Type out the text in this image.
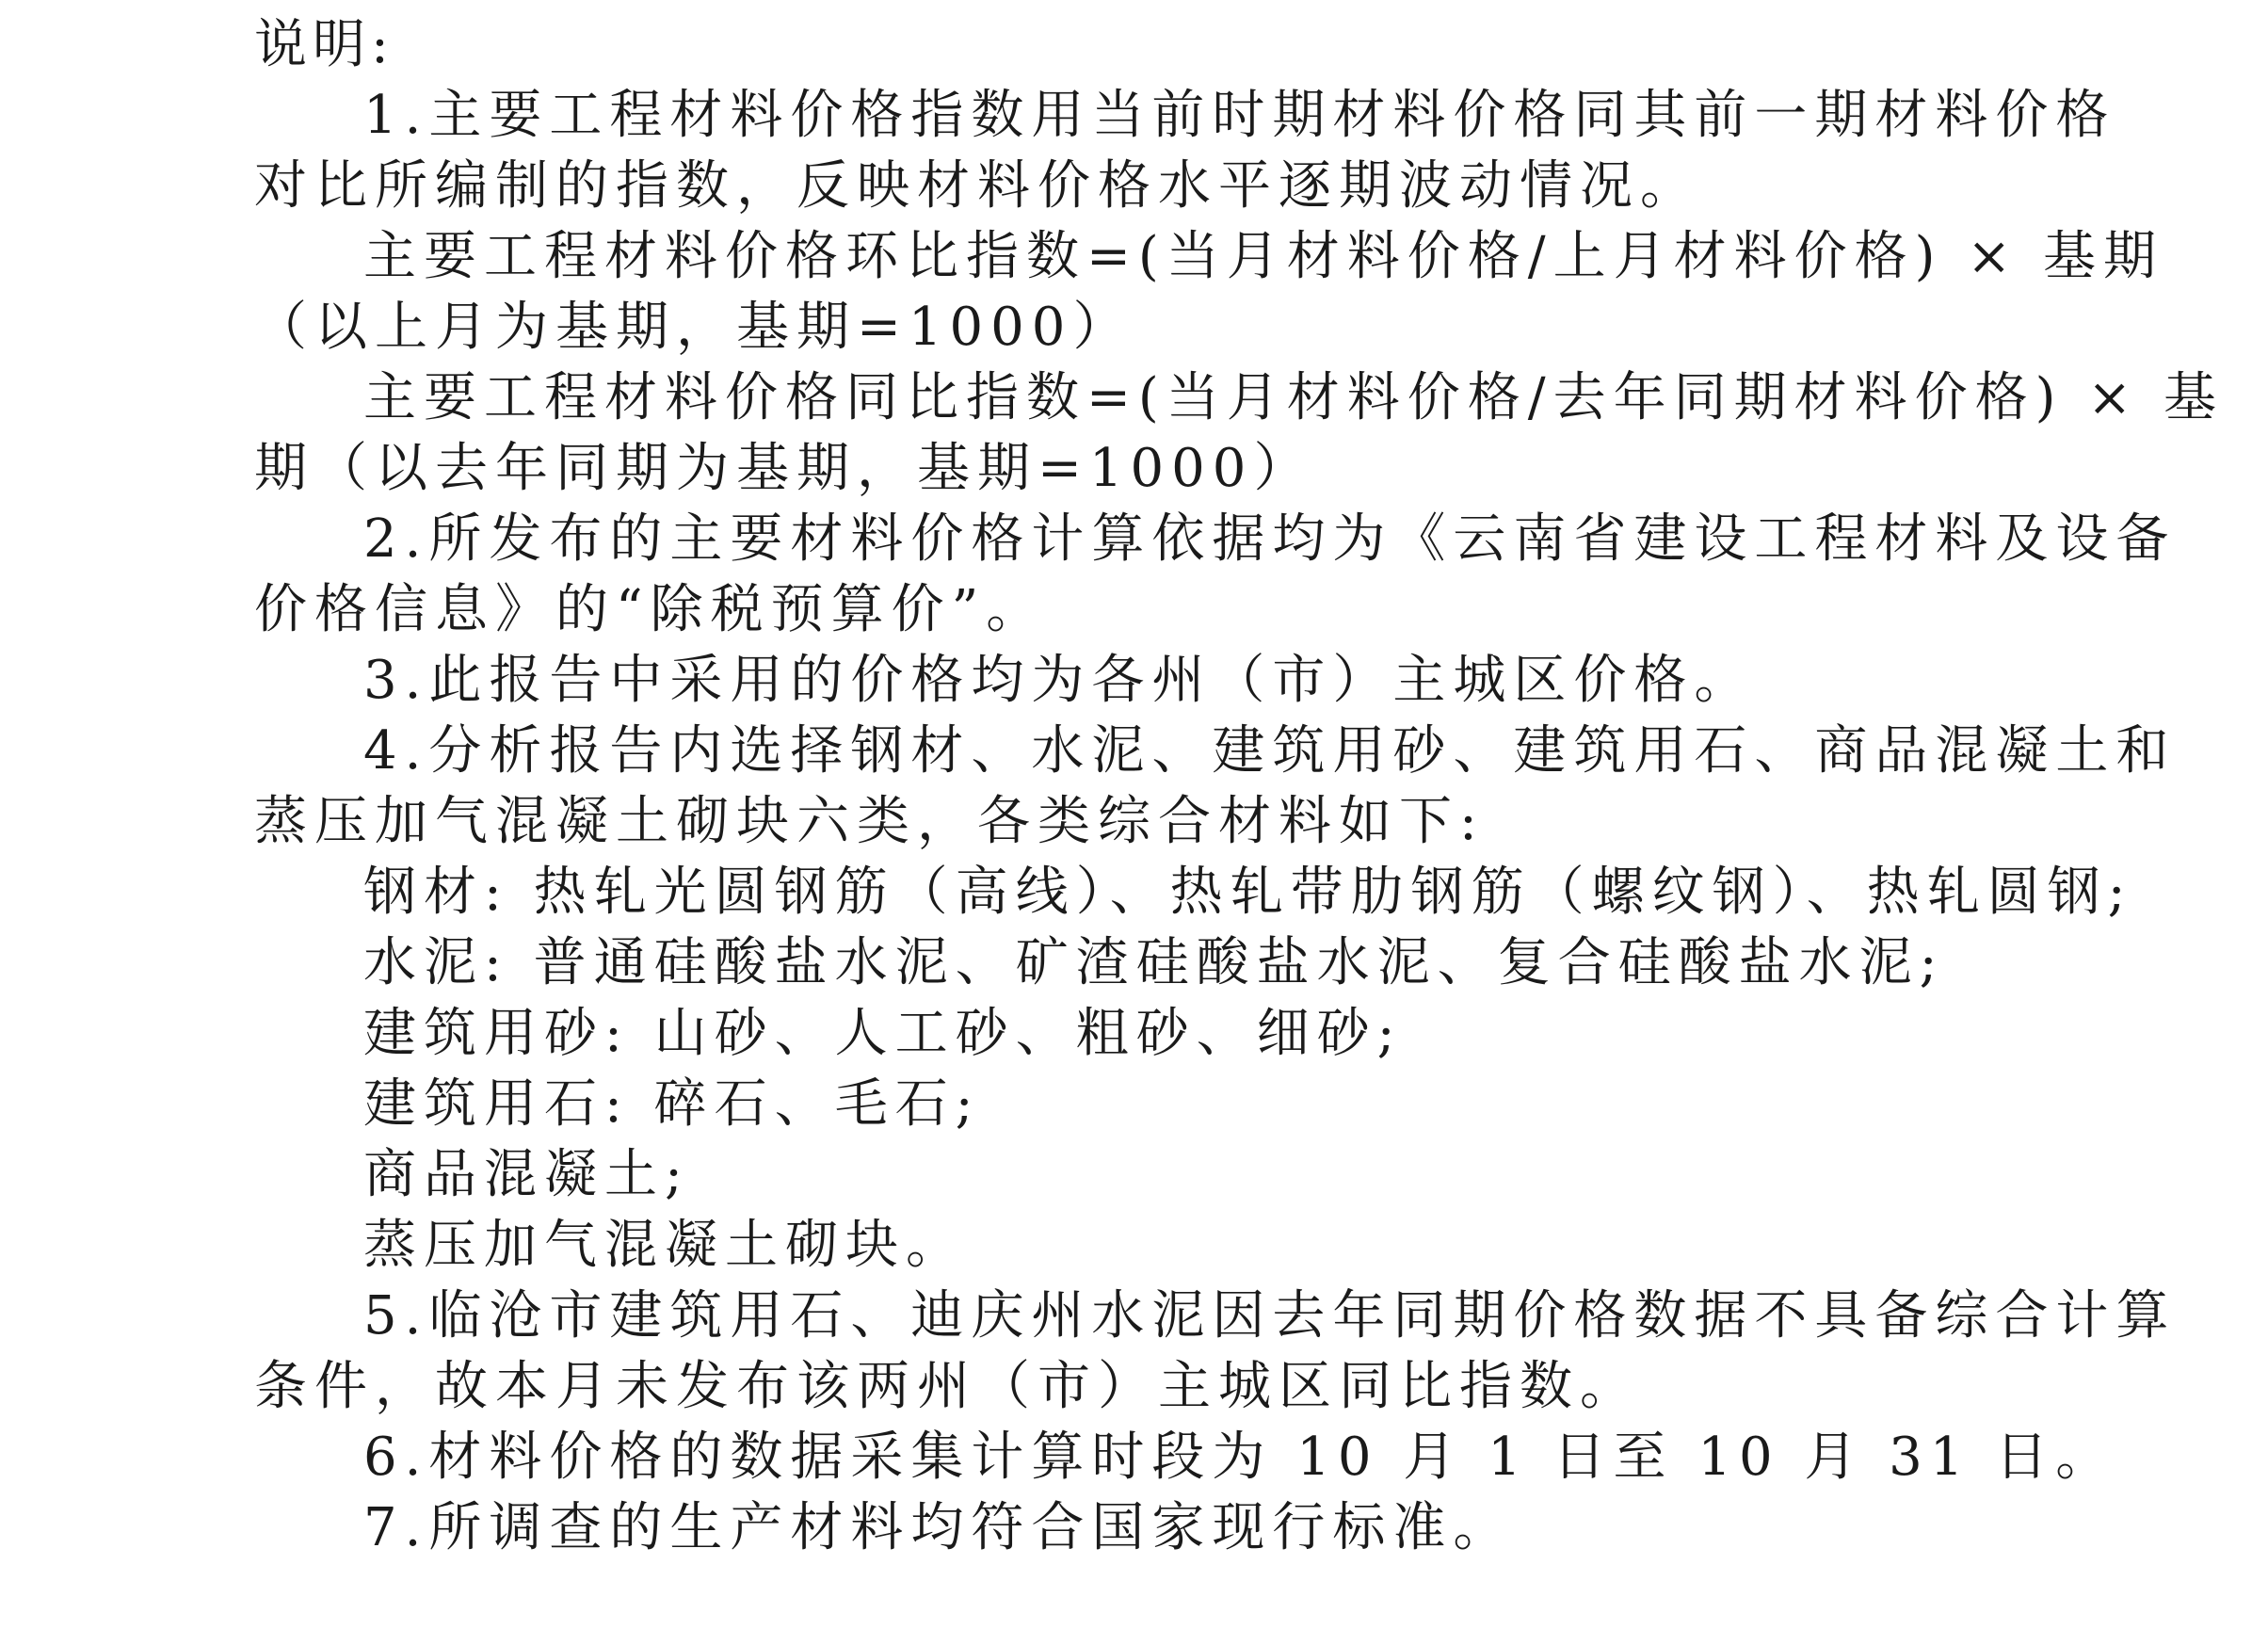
说明:
1.主要工程材料价格指数用当前时期材料价格同其前一期材料价格
对比所编制的指数，反映材料价格水平逐期波动情况。
主要工程材料价格环比指数=(当月材料价格/上月材料价格) × 基期
（以上月为基期，基期=1000）
主要工程材料价格同比指数=(当月材料价格/去年同期材料价格) × 基
期（以去年同期为基期，基期=1000）
2.所发布的主要材料价格计算依据均为《云南省建设工程材料及设备
价格信息》的“除税预算价”。
3.此报告中采用的价格均为各州（市）主城区价格。
4.分析报告内选择钢材、水泥、建筑用砂、建筑用石、商品混凝土和
蒸压加气混凝土砌块六类，各类综合材料如下:
钢材: 热轧光圆钢筋（高线）、热轧带肋钢筋（螺纹钢）、热轧圆钢;
水泥: 普通硅酸盐水泥、矿渣硅酸盐水泥、复合硅酸盐水泥;
建筑用砂: 山砂、人工砂、粗砂、细砂;
建筑用石: 碎石、毛石;
商品混凝土;
蒸压加气混凝土砌块。
5.临沧市建筑用石、迪庆州水泥因去年同期价格数据不具备综合计算
条件，故本月未发布该两州（市）主城区同比指数。
6.材料价格的数据采集计算时段为 10 月 1 日至 10 月 31 日。
7.所调查的生产材料均符合国家现行标准。
